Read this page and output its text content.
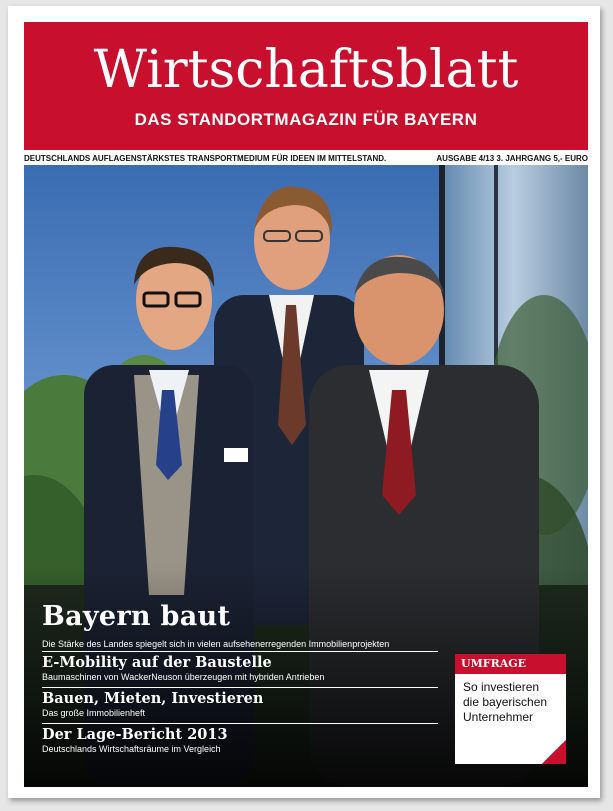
Wirtschaftsblatt
DAS STANDORTMAGAZIN FÜR BAYERN
DEUTSCHLANDS AUFLAGENSTÄRKSTES TRANSPORTMEDIUM FÜR IDEEN IM MITTELSTAND.	AUSGABE 4/13 3. JAHRGANG 5,- EURO
Bayern baut
Die Stärke des Landes spiegelt sich in vielen aufsehenerregenden Immobilienprojekten
E-Mobility auf der Baustelle
Baumaschinen von WackerNeuson überzeugen mit hybriden Antrieben
Bauen, Mieten, Investieren
Das große Immobilienheft
Der Lage-Bericht 2013
Deutschlands Wirtschaftsräume im Vergleich
UMFRAGE
So investieren die bayerischen Unternehmer
